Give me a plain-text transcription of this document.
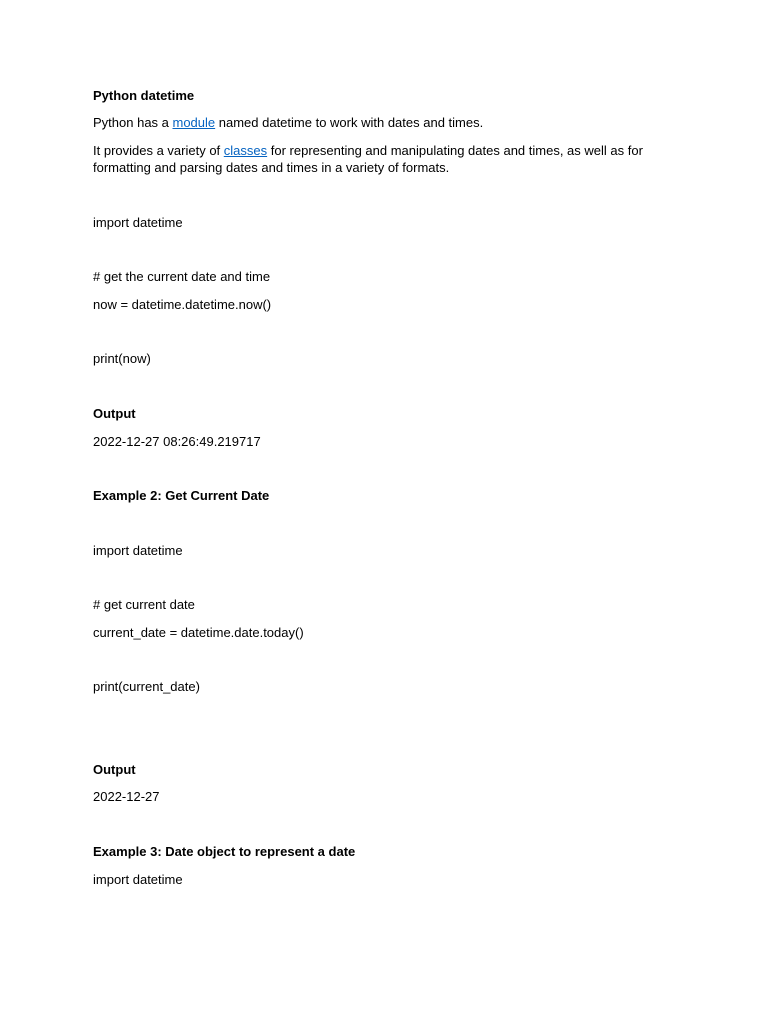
Python datetime
Python has a module named datetime to work with dates and times.
It provides a variety of classes for representing and manipulating dates and times, as well as for formatting and parsing dates and times in a variety of formats.
import datetime
# get the current date and time
now = datetime.datetime.now()
print(now)
Output
2022-12-27 08:26:49.219717
Example 2: Get Current Date
import datetime
# get current date
current_date = datetime.date.today()
print(current_date)
Output
2022-12-27
Example 3: Date object to represent a date
import datetime
